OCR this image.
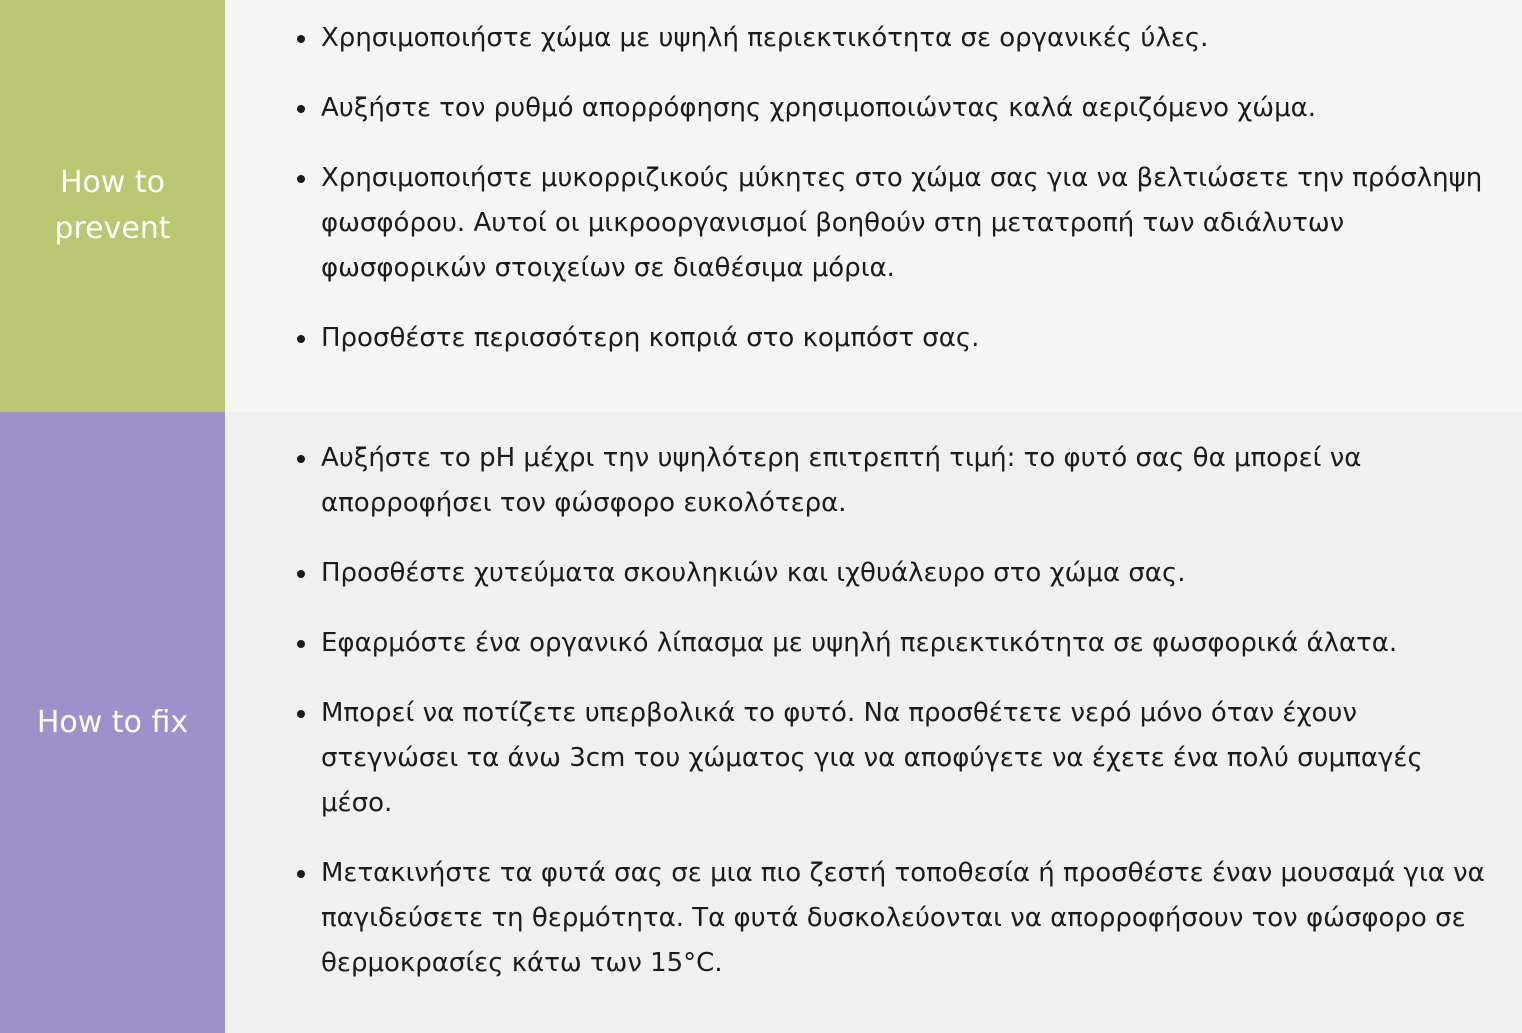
How to prevent
Χρησιμοποιήστε χώμα με υψηλή περιεκτικότητα σε οργανικές ύλες.
Αυξήστε τον ρυθμό απορρόφησης χρησιμοποιώντας καλά αεριζόμενο χώμα.
Χρησιμοποιήστε μυκορριζικούς μύκητες στο χώμα σας για να βελτιώσετε την πρόσληψη φωσφόρου. Αυτοί οι μικροοργανισμοί βοηθούν στη μετατροπή των αδιάλυτων φωσφορικών στοιχείων σε διαθέσιμα μόρια.
Προσθέστε περισσότερη κοπριά στο κομπόστ σας.
How to fix
Αυξήστε το pH μέχρι την υψηλότερη επιτρεπτή τιμή: το φυτό σας θα μπορεί να απορροφήσει τον φώσφορο ευκολότερα.
Προσθέστε χυτεύματα σκουληκιών και ιχθυάλευρο στο χώμα σας.
Εφαρμόστε ένα οργανικό λίπασμα με υψηλή περιεκτικότητα σε φωσφορικά άλατα.
Μπορεί να ποτίζετε υπερβολικά το φυτό. Να προσθέτετε νερό μόνο όταν έχουν στεγνώσει τα άνω 3cm του χώματος για να αποφύγετε να έχετε ένα πολύ συμπαγές μέσο.
Μετακινήστε τα φυτά σας σε μια πιο ζεστή τοποθεσία ή προσθέστε έναν μουσαμά για να παγιδεύσετε τη θερμότητα. Τα φυτά δυσκολεύονται να απορροφήσουν τον φώσφορο σε θερμοκρασίες κάτω των 15°C.
